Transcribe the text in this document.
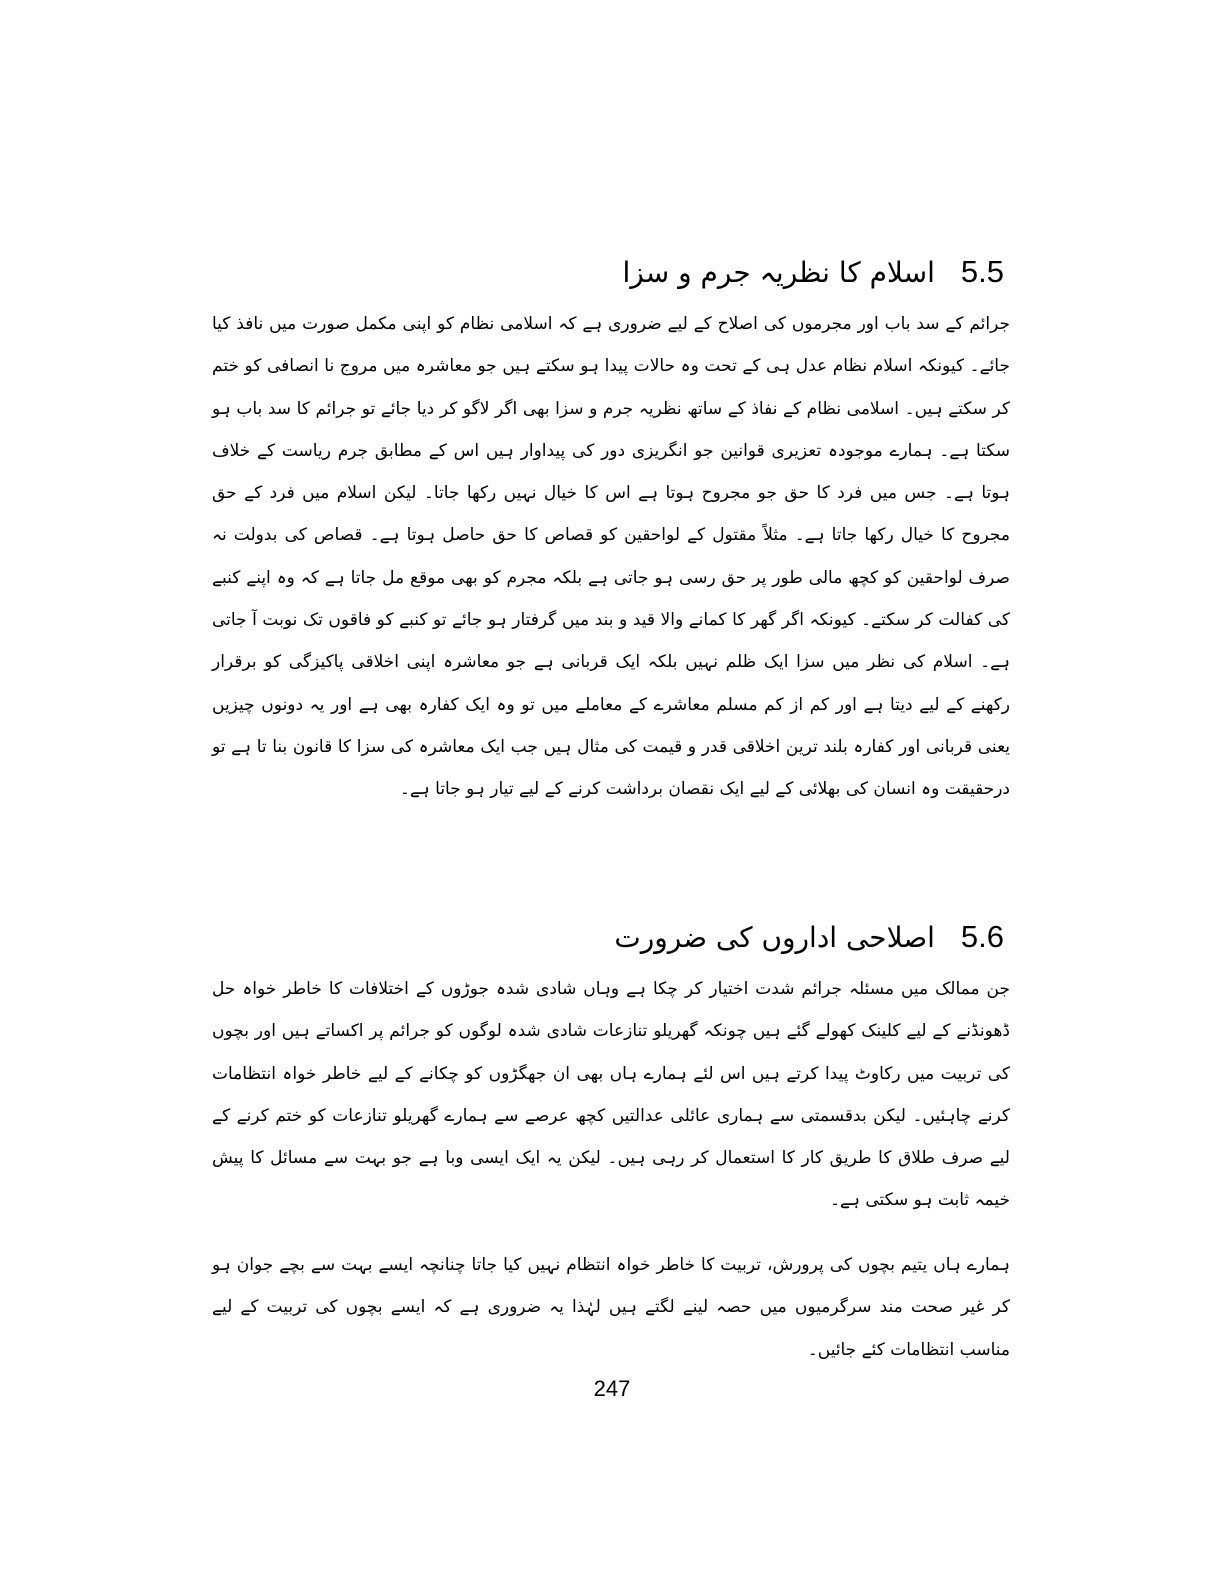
5.5اسلام کا نظریہ جرم و سزا

جرائم کے سد باب اور مجرموں کی اصلاح کے لیے ضروری ہے کہ اسلامی نظام کو اپنی مکمل صورت میں نافذ کیا جائے۔ کیونکہ اسلام نظام عدل ہی کے تحت وہ حالات پیدا ہو سکتے ہیں جو معاشرہ میں مروج نا انصافی کو ختم کر سکتے ہیں۔ اسلامی نظام کے نفاذ کے ساتھ نظریہ جرم و سزا بھی اگر لاگو کر دیا جائے تو جرائم کا سد باب ہو سکتا ہے۔ ہمارے موجودہ تعزیری قوانین جو انگریزی دور کی پیداوار ہیں اس کے مطابق جرم ریاست کے خلاف ہوتا ہے۔ جس میں فرد کا حق جو مجروح ہوتا ہے اس کا خیال نہیں رکھا جاتا۔ لیکن اسلام میں فرد کے حق مجروح کا خیال رکھا جاتا ہے۔ مثلاً مقتول کے لواحقین کو قصاص کا حق حاصل ہوتا ہے۔ قصاص کی بدولت نہ صرف لواحقین کو کچھ مالی طور پر حق رسی ہو جاتی ہے بلکہ مجرم کو بھی موقع مل جاتا ہے کہ وہ اپنے کنبے کی کفالت کر سکتے۔ کیونکہ اگر گھر کا کمانے والا قید و بند میں گرفتار ہو جائے تو کنبے کو فاقوں تک نوبت آ جاتی ہے۔ اسلام کی نظر میں سزا ایک ظلم نہیں بلکہ ایک قربانی ہے جو معاشرہ اپنی اخلاقی پاکیزگی کو برقرار رکھنے کے لیے دیتا ہے اور کم از کم مسلم معاشرے کے معاملے میں تو وہ ایک کفارہ بھی ہے اور یہ دونوں چیزیں یعنی قربانی اور کفارہ بلند ترین اخلاقی قدر و قیمت کی مثال ہیں جب ایک معاشرہ کی سزا کا قانون بنا تا ہے تو درحقیقت وہ انسان کی بھلائی کے لیے ایک نقصان برداشت کرنے کے لیے تیار ہو جاتا ہے۔

5.6اصلاحی اداروں کی ضرورت

جن ممالک میں مسئلہ جرائم شدت اختیار کر چکا ہے وہاں شادی شدہ جوڑوں کے اختلافات کا خاطر خواہ حل ڈھونڈنے کے لیے کلینک کھولے گئے ہیں چونکہ گھریلو تنازعات شادی شدہ لوگوں کو جرائم پر اکساتے ہیں اور بچوں کی تربیت میں رکاوٹ پیدا کرتے ہیں اس لئے ہمارے ہاں بھی ان جھگڑوں کو چکانے کے لیے خاطر خواہ انتظامات کرنے چاہئیں۔ لیکن بدقسمتی سے ہماری عائلی عدالتیں کچھ عرصے سے ہمارے گھریلو تنازعات کو ختم کرنے کے لیے صرف طلاق کا طریق کار کا استعمال کر رہی ہیں۔ لیکن یہ ایک ایسی وبا ہے جو بہت سے مسائل کا پیش خیمہ ثابت ہو سکتی ہے۔

ہمارے ہاں یتیم بچوں کی پرورش، تربیت کا خاطر خواہ انتظام نہیں کیا جاتا چنانچہ ایسے بہت سے بچے جوان ہو کر غیر صحت مند سرگرمیوں میں حصہ لینے لگتے ہیں لہٰذا یہ ضروری ہے کہ ایسے بچوں کی تربیت کے لیے مناسب انتظامات کئے جائیں۔

247
